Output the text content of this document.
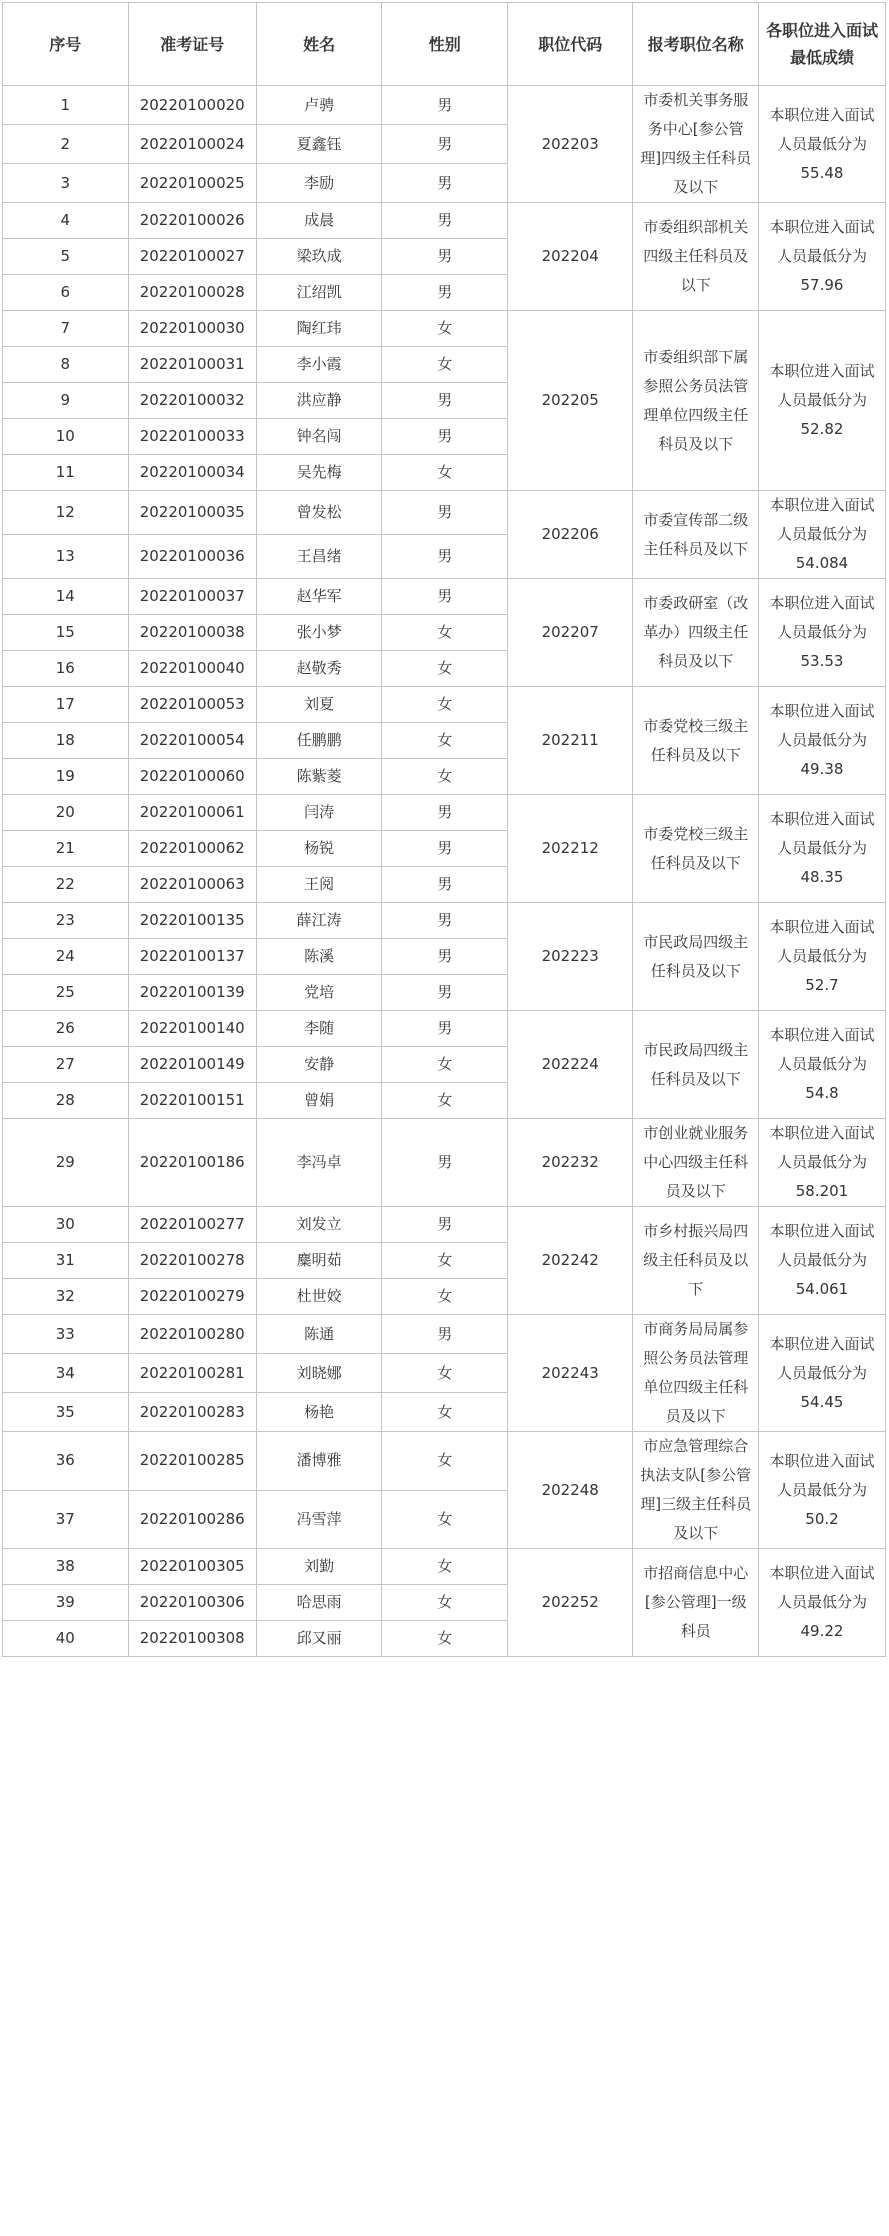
序号	准考证号	姓名	性别	职位代码	报考职位名称	各职位进入面试最低成绩
1	20220100020	卢骋	男	202203	市委机关事务服务中心[参公管理]四级主任科员及以下	本职位进入面试人员最低分为55.48
2	20220100024	夏鑫钰	男			
3	20220100025	李励	男			
4	20220100026	成晨	男	202204	市委组织部机关四级主任科员及以下	本职位进入面试人员最低分为57.96
5	20220100027	梁玖成	男			
6	20220100028	江绍凯	男			
7	20220100030	陶红玮	女	202205	市委组织部下属参照公务员法管理单位四级主任科员及以下	本职位进入面试人员最低分为52.82
8	20220100031	李小霞	女			
9	20220100032	洪应静	男			
10	20220100033	钟名闯	男			
11	20220100034	吴先梅	女			
12	20220100035	曾发松	男	202206	市委宣传部二级主任科员及以下	本职位进入面试人员最低分为54.084
13	20220100036	王昌绪	男			
14	20220100037	赵华军	男	202207	市委政研室（改革办）四级主任科员及以下	本职位进入面试人员最低分为53.53
15	20220100038	张小梦	女			
16	20220100040	赵敬秀	女			
17	20220100053	刘夏	女	202211	市委党校三级主任科员及以下	本职位进入面试人员最低分为49.38
18	20220100054	任鹏鹏	女			
19	20220100060	陈紫菱	女			
20	20220100061	闫涛	男	202212	市委党校三级主任科员及以下	本职位进入面试人员最低分为48.35
21	20220100062	杨锐	男			
22	20220100063	王阅	男			
23	20220100135	薛江涛	男	202223	市民政局四级主任科员及以下	本职位进入面试人员最低分为52.7
24	20220100137	陈溪	男			
25	20220100139	党培	男			
26	20220100140	李随	男	202224	市民政局四级主任科员及以下	本职位进入面试人员最低分为54.8
27	20220100149	安静	女			
28	20220100151	曾娟	女			
29	20220100186	李冯卓	男	202232	市创业就业服务中心四级主任科员及以下	本职位进入面试人员最低分为58.201
30	20220100277	刘发立	男	202242	市乡村振兴局四级主任科员及以下	本职位进入面试人员最低分为54.061
31	20220100278	麋明茹	女			
32	20220100279	杜世姣	女			
33	20220100280	陈通	男	202243	市商务局局属参照公务员法管理单位四级主任科员及以下	本职位进入面试人员最低分为54.45
34	20220100281	刘晓娜	女			
35	20220100283	杨艳	女			
36	20220100285	潘博雅	女	202248	市应急管理综合执法支队[参公管理]三级主任科员及以下	本职位进入面试人员最低分为50.2
37	20220100286	冯雪萍	女			
38	20220100305	刘勤	女	202252	市招商信息中心[参公管理]一级科员	本职位进入面试人员最低分为49.22
39	20220100306	哈思雨	女			
40	20220100308	邱又丽	女			
